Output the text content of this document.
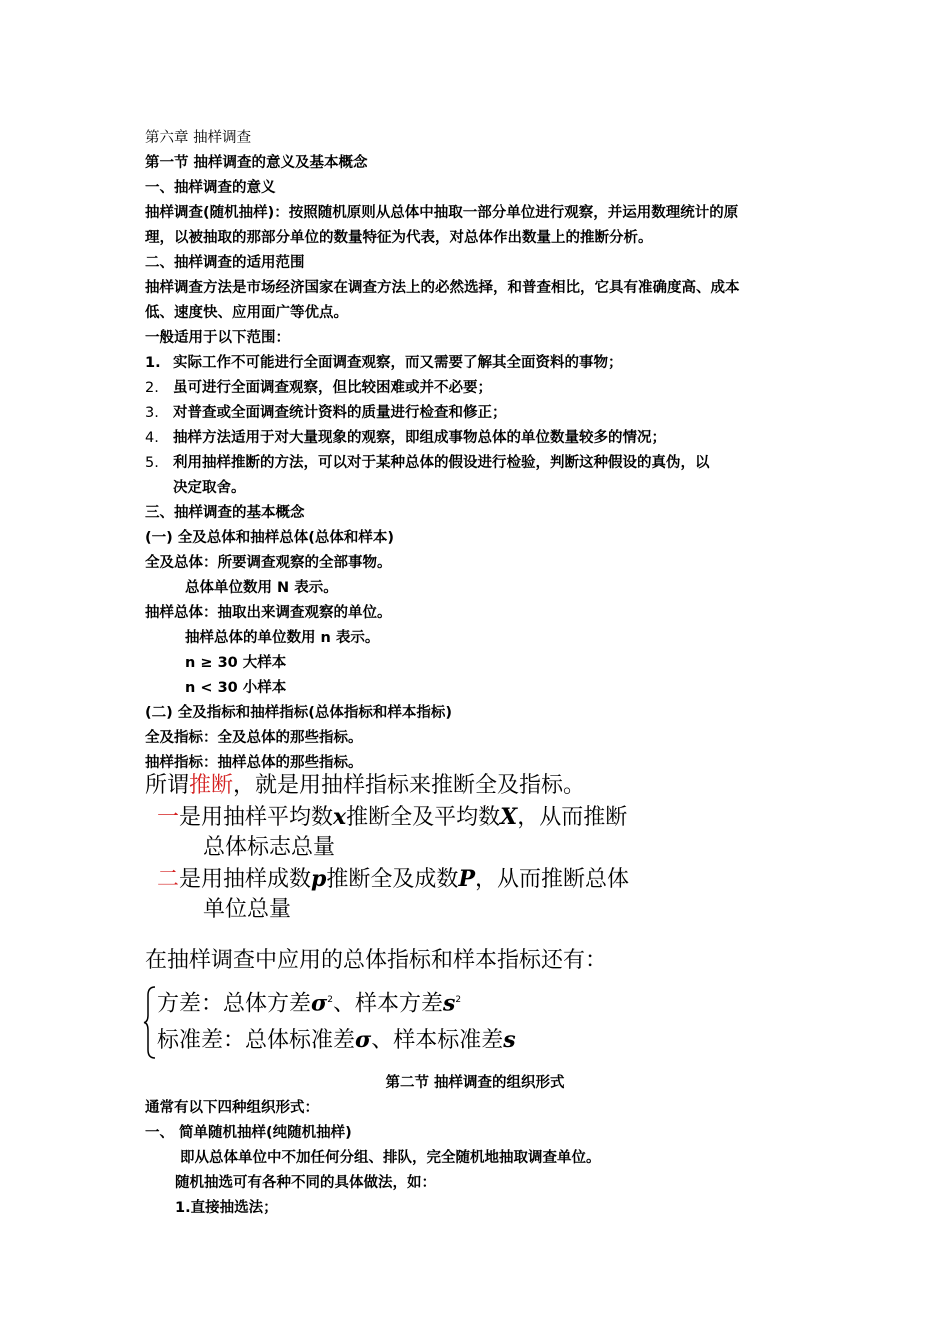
第六章 抽样调查
第一节 抽样调查的意义及基本概念
一、抽样调查的意义
抽样调查(随机抽样)：按照随机原则从总体中抽取一部分单位进行观察，并运用数理统计的原
理，以被抽取的那部分单位的数量特征为代表，对总体作出数量上的推断分析。
二、抽样调查的适用范围
抽样调查方法是市场经济国家在调查方法上的必然选择，和普查相比，它具有准确度高、成本
低、速度快、应用面广等优点。
一般适用于以下范围：
1. 实际工作不可能进行全面调查观察，而又需要了解其全面资料的事物；
2. 虽可进行全面调查观察，但比较困难或并不必要；
3. 对普查或全面调查统计资料的质量进行检查和修正；
4. 抽样方法适用于对大量现象的观察，即组成事物总体的单位数量较多的情况；
5. 利用抽样推断的方法，可以对于某种总体的假设进行检验，判断这种假设的真伪，以
决定取舍。
三、抽样调查的基本概念
(一) 全及总体和抽样总体(总体和样本)
全及总体：所要调查观察的全部事物。
总体单位数用 N 表示。
抽样总体：抽取出来调查观察的单位。
抽样总体的单位数用 n 表示。
n ≥ 30 大样本
n < 30 小样本
(二) 全及指标和抽样指标(总体指标和样本指标)
全及指标：全及总体的那些指标。
抽样指标：抽样总体的那些指标。
所谓推断，就是用抽样指标来推断全及指标。
一是用抽样平均数x推断全及平均数X，从而推断
总体标志总量
二是用抽样成数p推断全及成数P，从而推断总体
单位总量
在抽样调查中应用的总体指标和样本指标还有：
方差：总体方差$\sigma^2$、样本方差$s^2$
标准差：总体标准差σ、样本标准差s
第二节 抽样调查的组织形式
通常有以下四种组织形式：
一、 简单随机抽样(纯随机抽样)
即从总体单位中不加任何分组、排队，完全随机地抽取调查单位。
随机抽选可有各种不同的具体做法，如：
1.直接抽选法；
